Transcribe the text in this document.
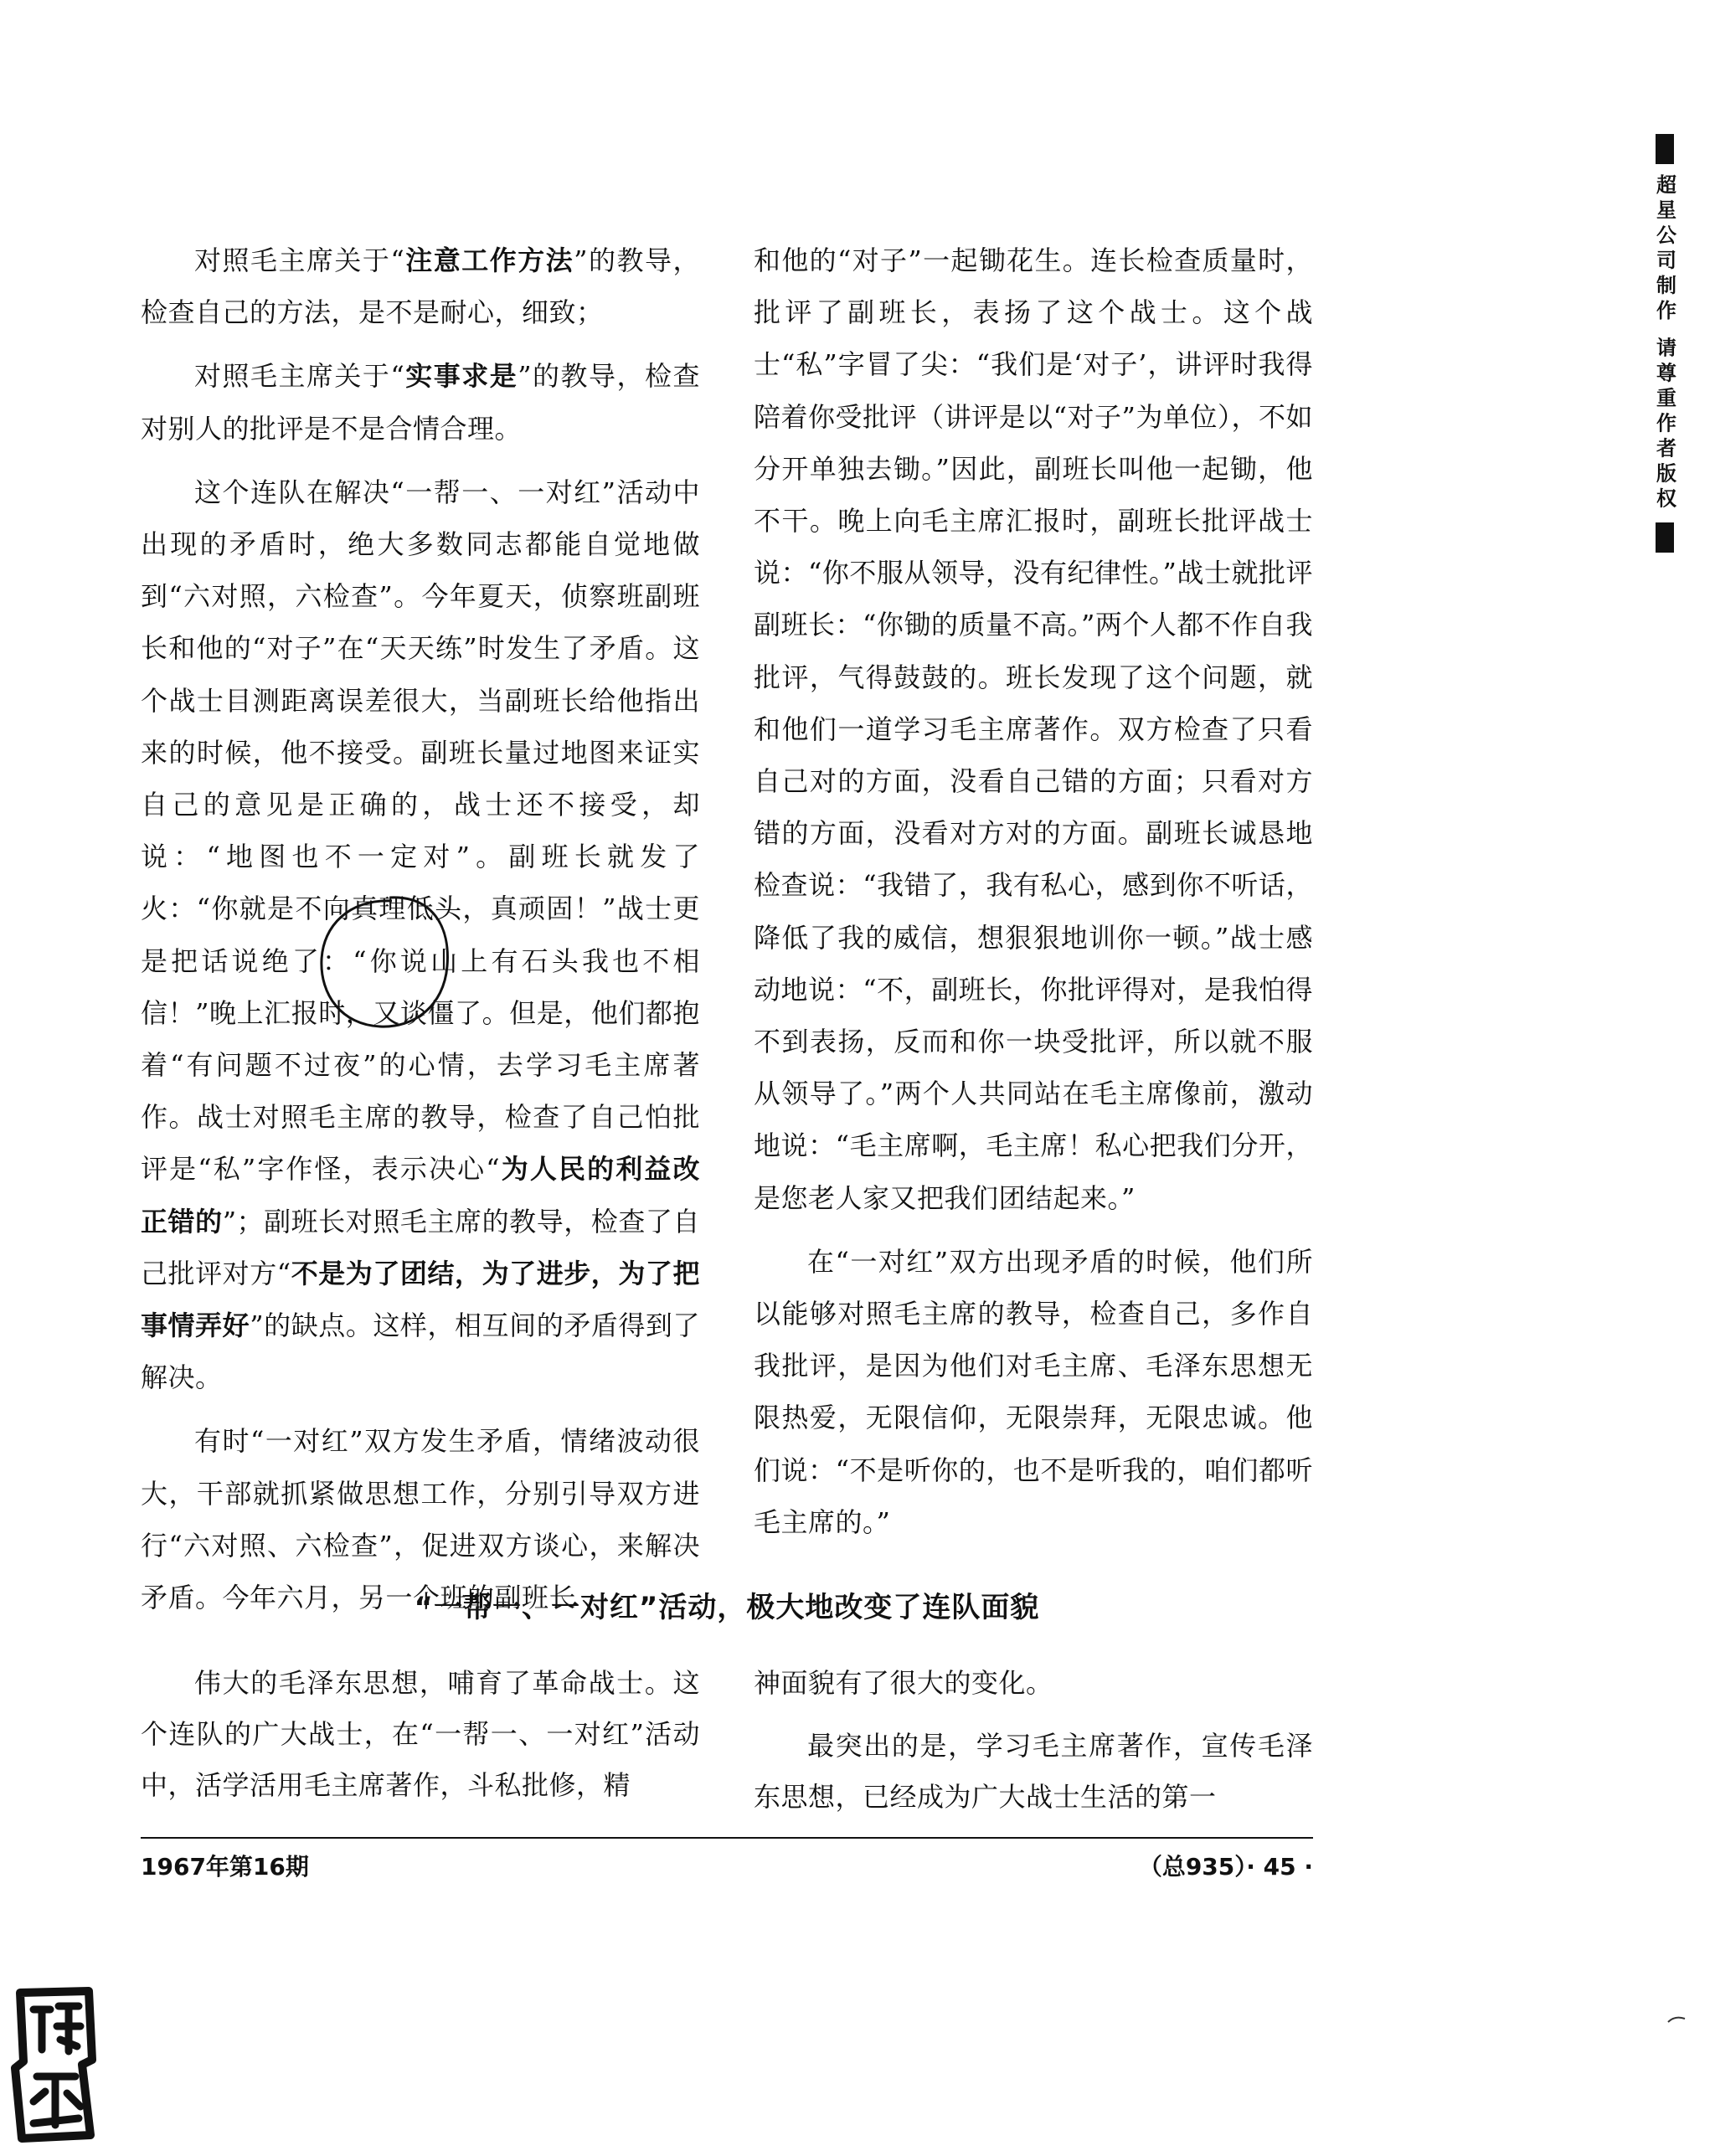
超星公司制作 请尊重作者版权

对照毛主席关于“注意工作方法”的教导，检查自己的方法，是不是耐心，细致；

对照毛主席关于“实事求是”的教导，检查对别人的批评是不是合情合理。

这个连队在解决“一帮一、一对红”活动中出现的矛盾时，绝大多数同志都能自觉地做到“六对照，六检查”。今年夏天，侦察班副班长和他的“对子”在“天天练”时发生了矛盾。这个战士目测距离误差很大，当副班长给他指出来的时候，他不接受。副班长量过地图来证实自己的意见是正确的，战士还不接受，却说：“地图也不一定对”。副班长就发了火：“你就是不向真理低头，真顽固！”战士更是把话说绝了：“你说山上有石头我也不相信！”晚上汇报时，又谈僵了。但是，他们都抱着“有问题不过夜”的心情，去学习毛主席著作。战士对照毛主席的教导，检查了自己怕批评是“私”字作怪，表示决心“为人民的利益改正错的”；副班长对照毛主席的教导，检查了自己批评对方“不是为了团结，为了进步，为了把事情弄好”的缺点。这样，相互间的矛盾得到了解决。

有时“一对红”双方发生矛盾，情绪波动很大，干部就抓紧做思想工作，分别引导双方进行“六对照、六检查”，促进双方谈心，来解决矛盾。今年六月，另一个班的副班长

和他的“对子”一起锄花生。连长检查质量时，批评了副班长，表扬了这个战士。这个战士“私”字冒了尖：“我们是‘对子’，讲评时我得陪着你受批评（讲评是以“对子”为单位），不如分开单独去锄。”因此，副班长叫他一起锄，他不干。晚上向毛主席汇报时，副班长批评战士说：“你不服从领导，没有纪律性。”战士就批评副班长：“你锄的质量不高。”两个人都不作自我批评，气得鼓鼓的。班长发现了这个问题，就和他们一道学习毛主席著作。双方检查了只看自己对的方面，没看自己错的方面；只看对方错的方面，没看对方对的方面。副班长诚恳地检查说：“我错了，我有私心，感到你不听话，降低了我的威信，想狠狠地训你一顿。”战士感动地说：“不，副班长，你批评得对，是我怕得不到表扬，反而和你一块受批评，所以就不服从领导了。”两个人共同站在毛主席像前，激动地说：“毛主席啊，毛主席！私心把我们分开，是您老人家又把我们团结起来。”

在“一对红”双方出现矛盾的时候，他们所以能够对照毛主席的教导，检查自己，多作自我批评，是因为他们对毛主席、毛泽东思想无限热爱，无限信仰，无限崇拜，无限忠诚。他们说：“不是听你的，也不是听我的，咱们都听毛主席的。”

“一帮一、一对红”活动，极大地改变了连队面貌

伟大的毛泽东思想，哺育了革命战士。这个连队的广大战士，在“一帮一、一对红”活动中，活学活用毛主席著作，斗私批修，精

神面貌有了很大的变化。

最突出的是，学习毛主席著作，宣传毛泽东思想，已经成为广大战士生活的第一

1967年第16期	（总935）· 45 ·
